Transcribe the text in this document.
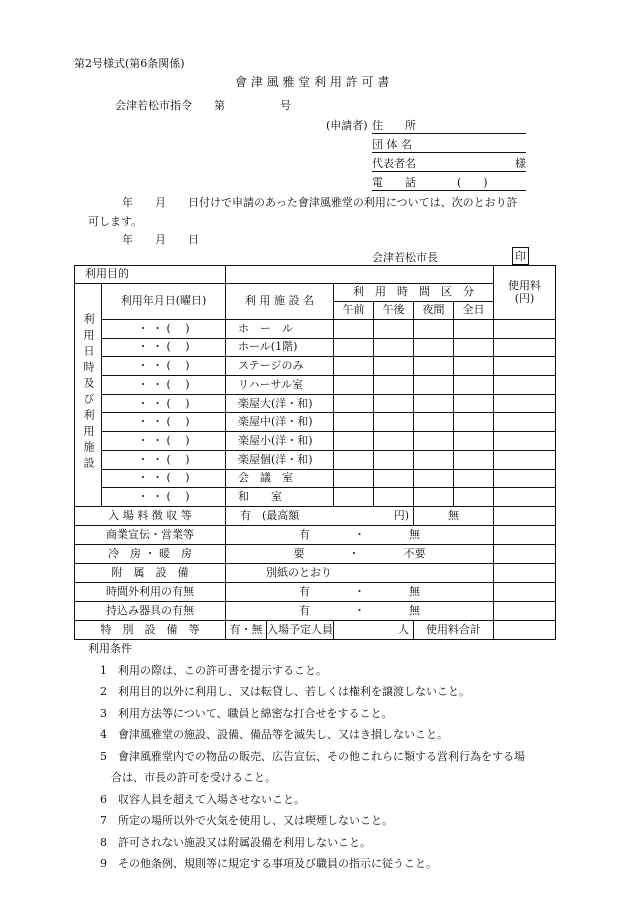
第2号様式(第6条関係)
會 津 風 雅 堂 利 用 許 可 書
会津若松市指令　　第　　　　　号
(申請者) 住　　所
団 体 名
代表者名	様
電　　話	(　　)
年　　月　　日付けで申請のあった會津風雅堂の利用については、次のとおり許
可します。
年　　月　　日
会津若松市長	印
利用目的							使用料
(円)

利用日時及び利用施設	利用年月日(曜日)	利 用 施 設 名	利　用　時　間　区　分				
			午前	午後	夜間	全日	
	・ ・ (　 )	ホ　ー　ル					
	・ ・ (　 )	ホール(1階)					
	・ ・ (　 )	ステージのみ					
	・ ・ (　 )	リハーサル室					
	・ ・ (　 )	楽屋大(洋・和)					
	・ ・ (　 )	楽屋中(洋・和)					
	・ ・ (　 )	楽屋小(洋・和)					
	・ ・ (　 )	楽屋個(洋・和)					
	・ ・ (　 )	会　議　室					
	・ ・ (　 )	和　　室					
入 場 料 徴 収 等		有　(最高額 円)			無		
商業宣伝・営業等		有　　　　・　　　　無					
冷　房 ・ 暖　房		要　　　　・　　　　不要					
附　属　設　備		別紙のとおり					
時間外利用の有無		有　　　　・　　　　無					
持込み器具の有無		有　　　　・　　　　無					
特　別　設　備　等		有・無 入場予定人員	人		使用料合計		
利用条件
1　利用の際は、この許可書を提示すること。
2　利用目的以外に利用し、又は転貸し、若しくは権利を譲渡しないこと。
3　利用方法等について、職員と綿密な打合せをすること。
4　會津風雅堂の施設、設備、備品等を滅失し、又はき損しないこと。
5　會津風雅堂内での物品の販売、広告宣伝、その他これらに類する営利行為をする場
　合は、市長の許可を受けること。
6　収容人員を超えて入場させないこと。
7　所定の場所以外で火気を使用し、又は喫煙しないこと。
8　許可されない施設又は附属設備を利用しないこと。
9　その他条例、規則等に規定する事項及び職員の指示に従うこと。
